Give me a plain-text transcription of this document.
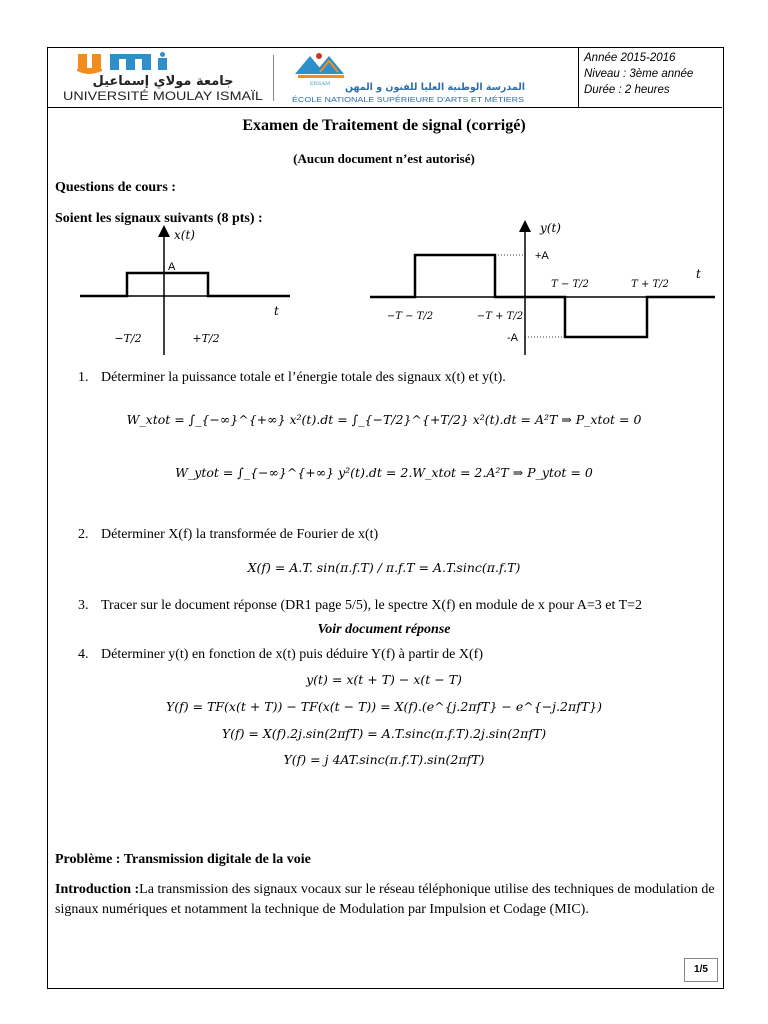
جامعة مولاي إسماعيل
UNIVERSITÉ MOULAY ISMAÏL
ENSAM المدرسة الوطنية العليا للفنون و المهن
ÉCOLE NATIONALE SUPÉRIEURE D'ARTS ET MÉTIERS
Année 2015-2016
Niveau : 3ème année
Durée : 2 heures
Examen de Traitement de signal (corrigé)
(Aucun document n’est autorisé)
Questions de cours :
Soient les signaux suivants (8 pts) :
x(t)
t
A
−T/2	+T/2
y(t)
t
+A
-A
−T − T/2	−T + T/2
T − T/2	T + T/2
1. Déterminer la puissance totale et l’énergie totale des signaux x(t) et y(t).
W_xtot = ∫_{−∞}^{+∞} x²(t).dt = ∫_{−T/2}^{+T/2} x²(t).dt = A²T ⇒ P_xtot = 0
W_ytot = ∫_{−∞}^{+∞} y²(t).dt = 2.W_xtot = 2.A²T ⇒ P_ytot = 0
2. Déterminer X(f) la transformée de Fourier de x(t)
X(f) = A.T. sin(π.f.T) / π.f.T = A.T.sinc(π.f.T)
3. Tracer sur le document réponse (DR1 page 5/5), le spectre X(f) en module de x pour A=3 et T=2
Voir document réponse
4. Déterminer y(t) en fonction de x(t) puis déduire Y(f) à partir de X(f)
y(t) = x(t + T) − x(t − T)
Y(f) = TF(x(t + T)) − TF(x(t − T)) = X(f).(e^{j.2πfT} − e^{−j.2πfT})
Y(f) = X(f).2j.sin(2πfT) = A.T.sinc(π.f.T).2j.sin(2πfT)
Y(f) = j 4AT.sinc(π.f.T).sin(2πfT)
Problème : Transmission digitale de la voie
Introduction :La transmission des signaux vocaux sur le réseau téléphonique utilise des techniques de modulation de signaux numériques et notamment la technique de Modulation par Impulsion et Codage (MIC).
1/5
